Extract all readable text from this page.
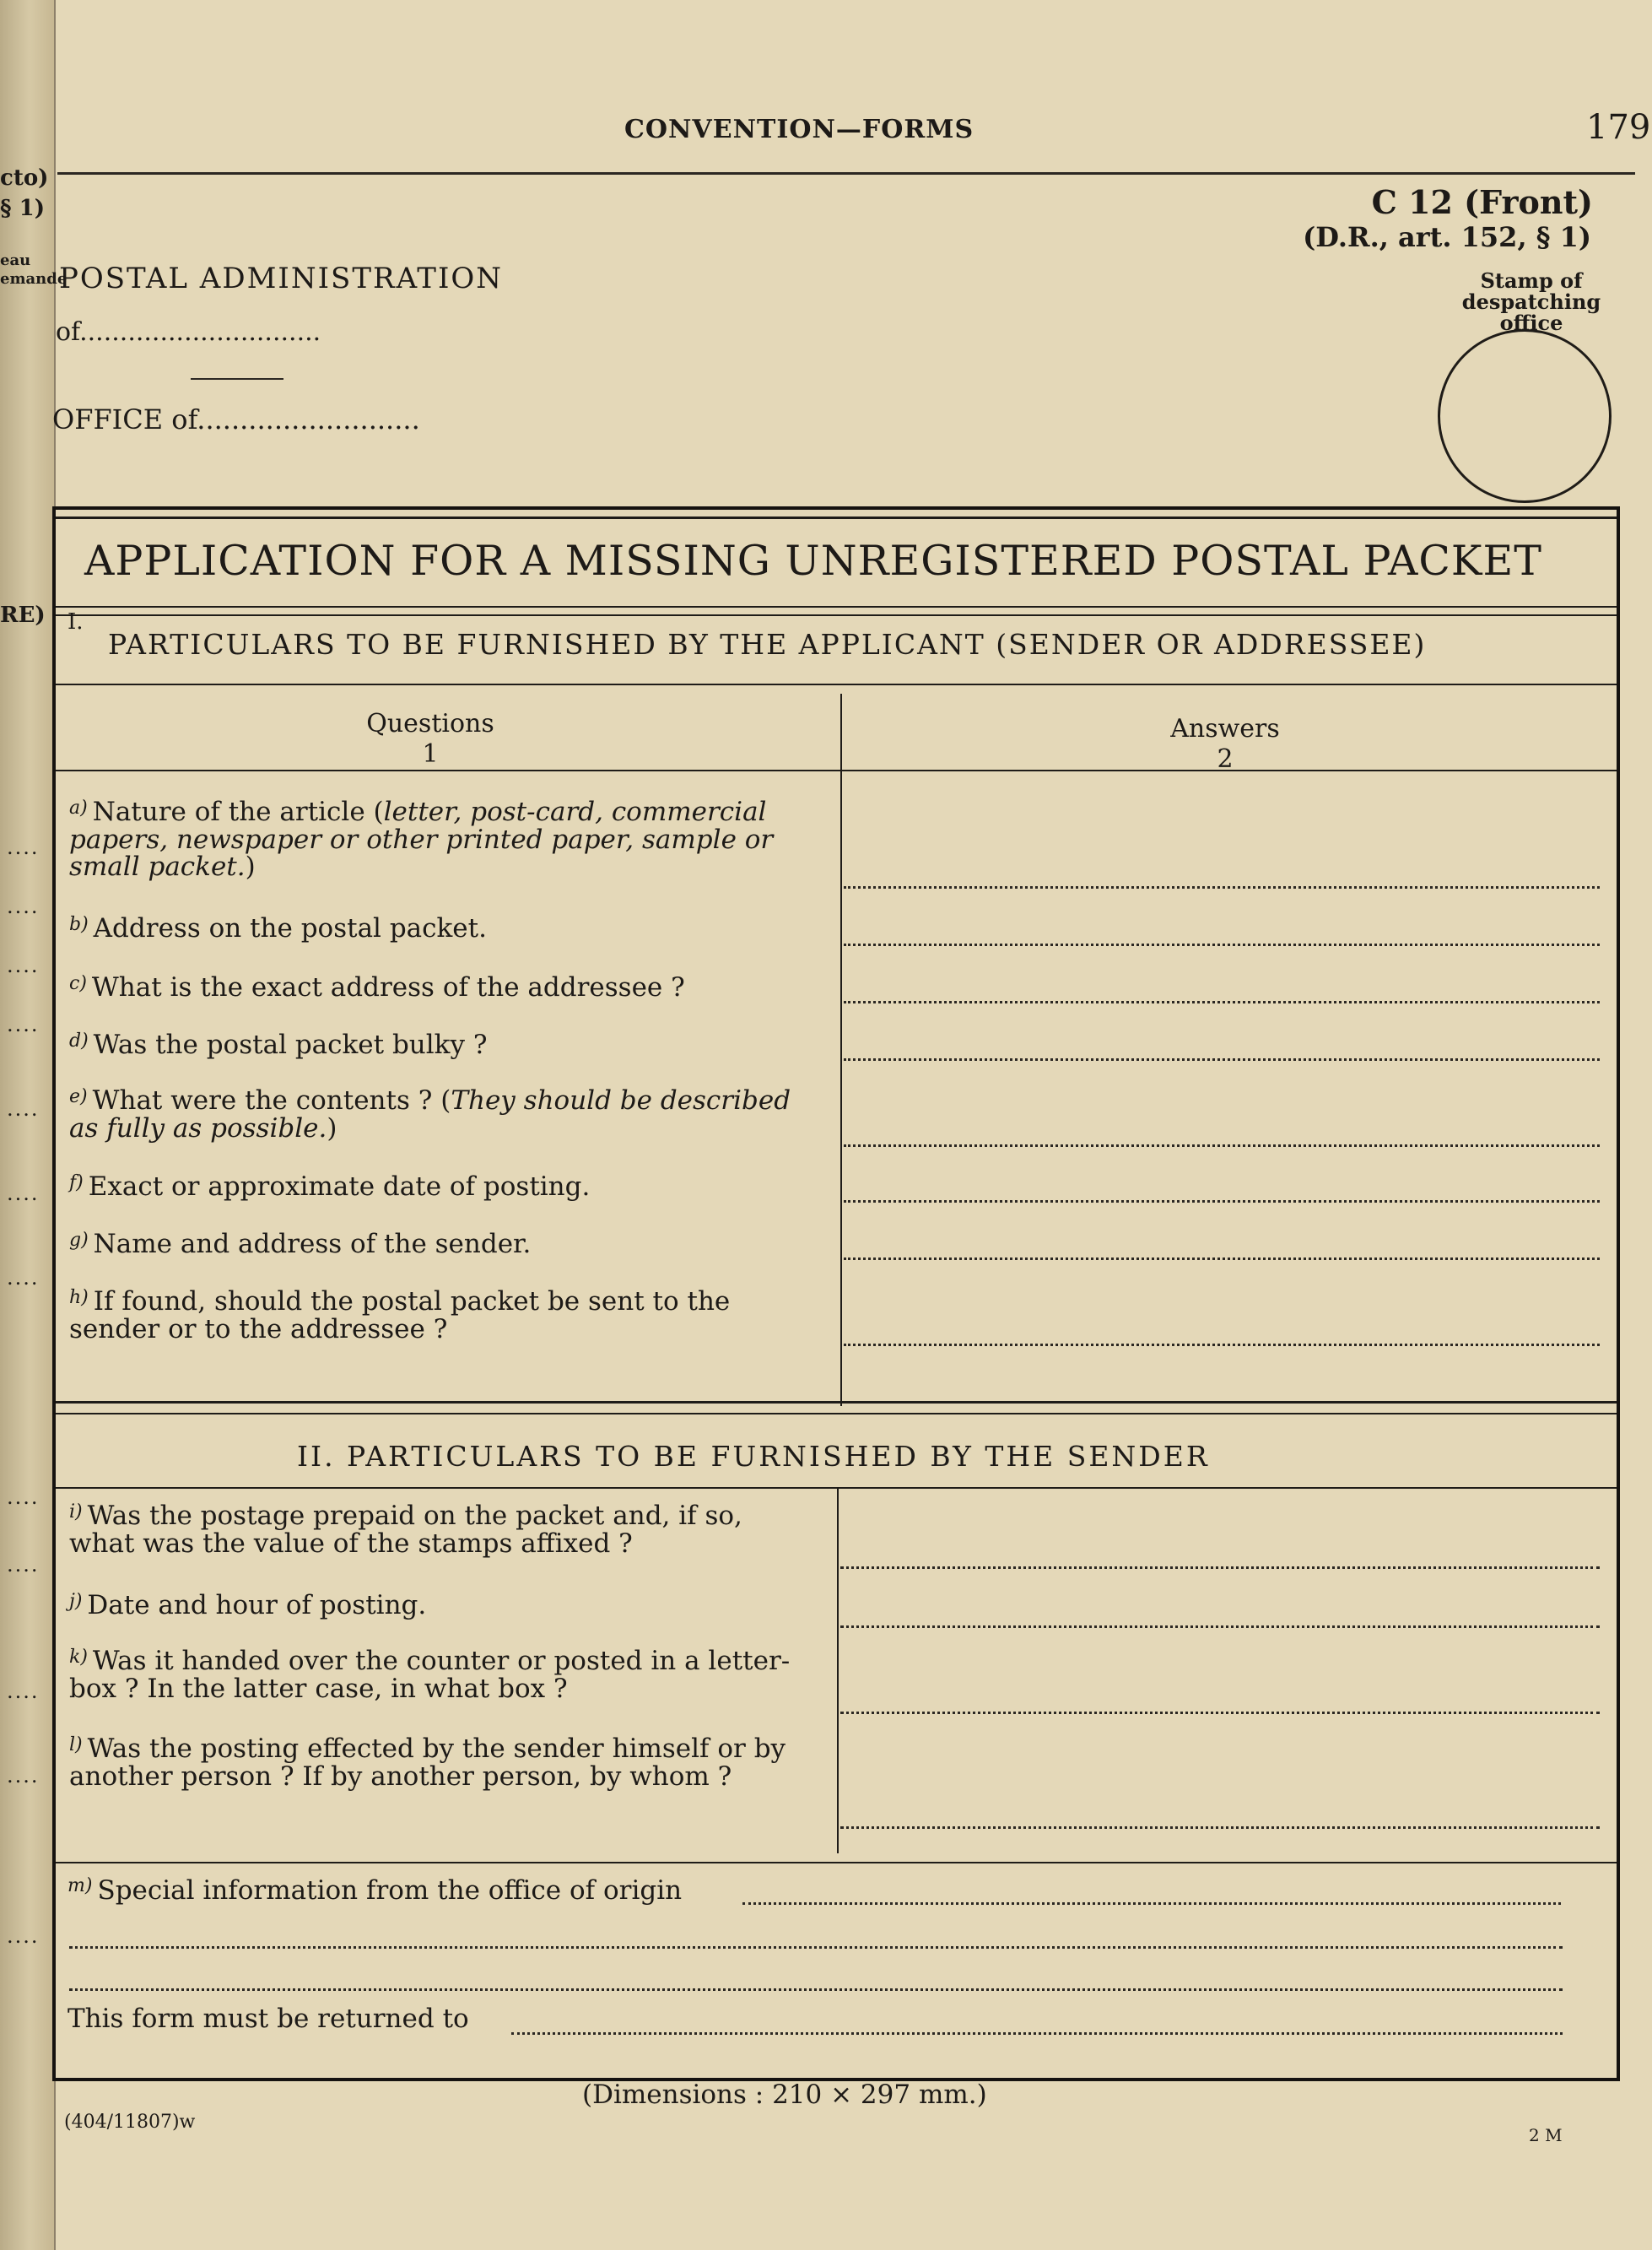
cto)
§ 1)
eau
emande
RE)
....
....
....
....
....
....
....
....
....
....
....
....
CONVENTION—FORMS	179
C 12 (Front)
(D.R., art. 152, § 1)
Stamp of
despatching office
POSTAL ADMINISTRATION
of..............................
OFFICE of..........................
APPLICATION FOR A MISSING UNREGISTERED POSTAL PACKET
I.
PARTICULARS TO BE FURNISHED BY THE APPLICANT (SENDER OR ADDRESSEE)
Questions
1
Answers
2
$^{a)}$ Nature of the article (letter, post-card, commercial papers, newspaper or other printed paper, sample or small packet.)
$^{b)}$ Address on the postal packet.
$^{c)}$ What is the exact address of the addressee ?
$^{d)}$ Was the postal packet bulky ?
$^{e)}$ What were the contents ? (They should be described as fully as possible.)
$^{f)}$ Exact or approximate date of posting.
$^{g)}$ Name and address of the sender.
$^{h)}$ If found, should the postal packet be sent to the sender or to the addressee ?
II. PARTICULARS TO BE FURNISHED BY THE SENDER
$^{i)}$ Was the postage prepaid on the packet and, if so, what was the value of the stamps affixed ?
$^{j)}$ Date and hour of posting.
$^{k)}$ Was it handed over the counter or posted in a letter-box ? In the latter case, in what box ?
$^{l)}$ Was the posting effected by the sender himself or by another person ? If by another person, by whom ?
$^{m)}$ Special information from the office of origin
This form must be returned to
(Dimensions : 210 × 297 mm.)
(404/11807)w
2 M
